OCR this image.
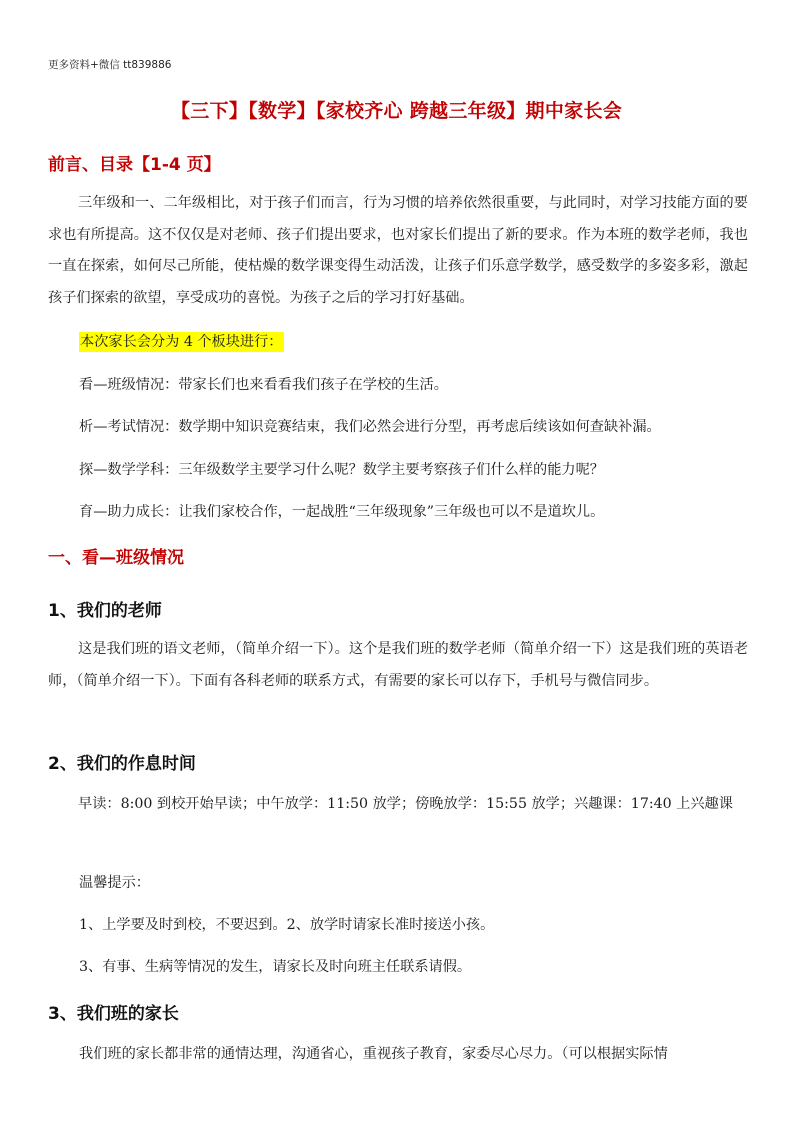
更多资料+微信 tt839886
【三下】【数学】【家校齐心 跨越三年级】期中家长会
前言、目录【1-4 页】
三年级和一、二年级相比，对于孩子们而言，行为习惯的培养依然很重要，与此同时，对学习技能方面的要求也有所提高。这不仅仅是对老师、孩子们提出要求，也对家长们提出了新的要求。作为本班的数学老师，我也一直在探索，如何尽己所能，使枯燥的数学课变得生动活泼，让孩子们乐意学数学，感受数学的多姿多彩，激起孩子们探索的欲望，享受成功的喜悦。为孩子之后的学习打好基础。
本次家长会分为 4 个板块进行：
看—班级情况：带家长们也来看看我们孩子在学校的生活。
析—考试情况：数学期中知识竞赛结束，我们必然会进行分型，再考虑后续该如何查缺补漏。
探—数学学科：三年级数学主要学习什么呢？数学主要考察孩子们什么样的能力呢？
育—助力成长：让我们家校合作，一起战胜“三年级现象”三年级也可以不是道坎儿。
一、看—班级情况
1、我们的老师
这是我们班的语文老师，（简单介绍一下）。这个是我们班的数学老师（简单介绍一下）这是我们班的英语老师，（简单介绍一下）。下面有各科老师的联系方式，有需要的家长可以存下，手机号与微信同步。
2、我们的作息时间
早读：8:00 到校开始早读；中午放学：11:50 放学；傍晚放学：15:55 放学；兴趣课：17:40 上兴趣课
温馨提示：
1、上学要及时到校，不要迟到。2、放学时请家长准时接送小孩。
3、有事、生病等情况的发生，请家长及时向班主任联系请假。
3、我们班的家长
我们班的家长都非常的通情达理，沟通省心，重视孩子教育，家委尽心尽力。（可以根据实际情
